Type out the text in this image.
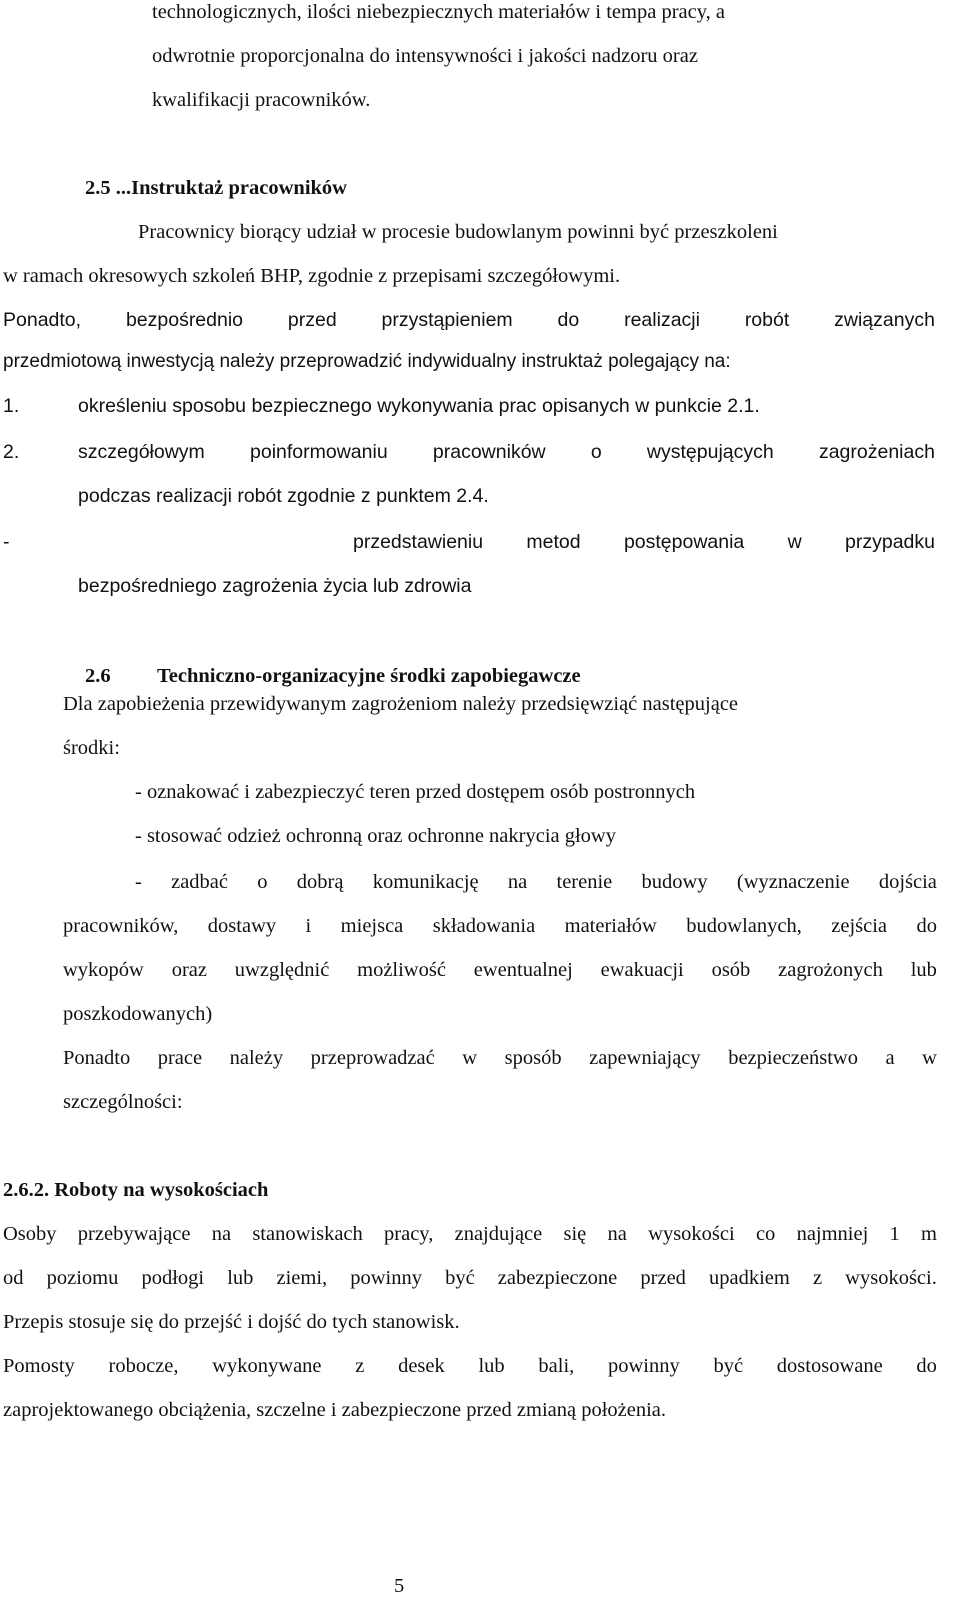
technologicznych, ilości niebezpiecznych materiałów i tempa pracy, a
odwrotnie proporcjonalna do intensywności i jakości nadzoru oraz
kwalifikacji pracowników.
2.5 ...Instruktaż pracowników
Pracownicy biorący udział w procesie budowlanym powinni być przeszkoleni
w ramach okresowych szkoleń BHP, zgodnie z przepisami szczegółowymi.
Ponadto, bezpośrednio przed przystąpieniem do realizacji robót związanych
przedmiotową inwestycją należy przeprowadzić indywidualny instruktaż polegający na:
1.	określeniu sposobu bezpiecznego wykonywania prac opisanych w punkcie 2.1.
2.	szczegółowym poinformowaniu pracowników o występujących zagrożeniach
podczas realizacji robót zgodnie z punktem 2.4.
-	przedstawieniu metod postępowania w przypadku
bezpośredniego zagrożenia życia lub zdrowia
2.6 Techniczno-organizacyjne środki zapobiegawcze
Dla zapobieżenia przewidywanym zagrożeniom należy przedsięwziąć następujące
środki:
- oznakować i zabezpieczyć teren przed dostępem osób postronnych
- stosować odzież ochronną oraz ochronne nakrycia głowy
- zadbać o dobrą komunikację na terenie budowy (wyznaczenie dojścia
pracowników, dostawy i miejsca składowania materiałów budowlanych, zejścia do
wykopów oraz uwzględnić możliwość ewentualnej ewakuacji osób zagrożonych lub
poszkodowanych)
Ponadto prace należy przeprowadzać w sposób zapewniający bezpieczeństwo a w
szczególności:
2.6.2. Roboty na wysokościach
Osoby przebywające na stanowiskach pracy, znajdujące się na wysokości co najmniej 1 m
od poziomu podłogi lub ziemi, powinny być zabezpieczone przed upadkiem z wysokości.
Przepis stosuje się do przejść i dojść do tych stanowisk.
Pomosty robocze, wykonywane z desek lub bali, powinny być dostosowane do
zaprojektowanego obciążenia, szczelne i zabezpieczone przed zmianą położenia.
5
